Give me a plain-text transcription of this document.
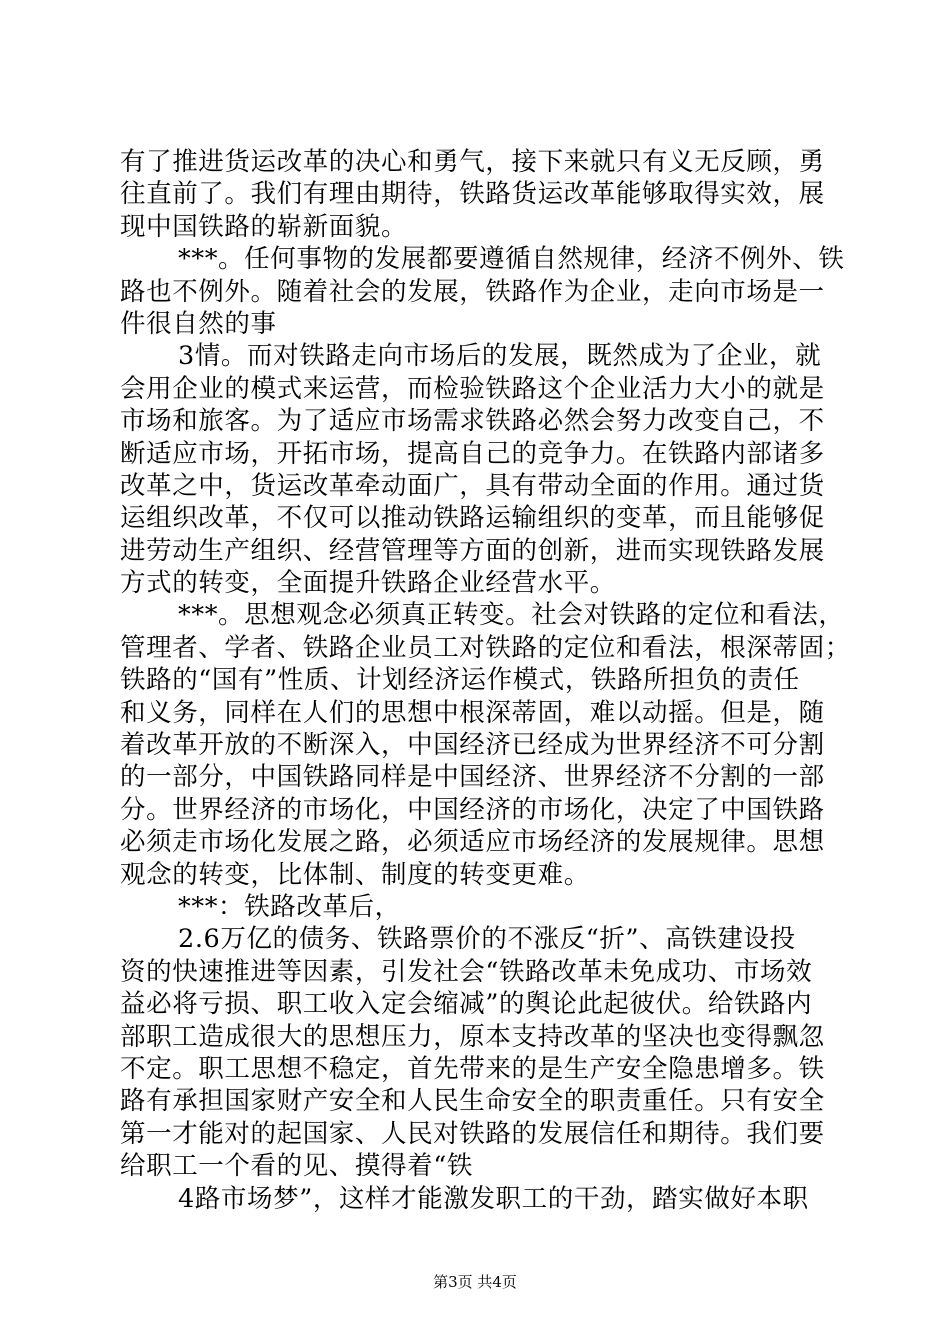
有了推进货运改革的决心和勇气，接下来就只有义无反顾，勇
往直前了。我们有理由期待，铁路货运改革能够取得实效，展
现中国铁路的崭新面貌。
***。任何事物的发展都要遵循自然规律，经济不例外、铁
路也不例外。随着社会的发展，铁路作为企业，走向市场是一
件很自然的事
3情。而对铁路走向市场后的发展，既然成为了企业，就
会用企业的模式来运营，而检验铁路这个企业活力大小的就是
市场和旅客。为了适应市场需求铁路必然会努力改变自己，不
断适应市场，开拓市场，提高自己的竞争力。在铁路内部诸多
改革之中，货运改革牵动面广，具有带动全面的作用。通过货
运组织改革，不仅可以推动铁路运输组织的变革，而且能够促
进劳动生产组织、经营管理等方面的创新，进而实现铁路发展
方式的转变，全面提升铁路企业经营水平。
***。思想观念必须真正转变。社会对铁路的定位和看法，
管理者、学者、铁路企业员工对铁路的定位和看法，根深蒂固；
铁路的“国有”性质、计划经济运作模式，铁路所担负的责任
和义务，同样在人们的思想中根深蒂固，难以动摇。但是，随
着改革开放的不断深入，中国经济已经成为世界经济不可分割
的一部分，中国铁路同样是中国经济、世界经济不分割的一部
分。世界经济的市场化，中国经济的市场化，决定了中国铁路
必须走市场化发展之路，必须适应市场经济的发展规律。思想
观念的转变，比体制、制度的转变更难。
***：铁路改革后，
2.6万亿的债务、铁路票价的不涨反“折”、高铁建设投
资的快速推进等因素，引发社会“铁路改革未免成功、市场效
益必将亏损、职工收入定会缩减”的舆论此起彼伏。给铁路内
部职工造成很大的思想压力，原本支持改革的坚决也变得飘忽
不定。职工思想不稳定，首先带来的是生产安全隐患增多。铁
路有承担国家财产安全和人民生命安全的职责重任。只有安全
第一才能对的起国家、人民对铁路的发展信任和期待。我们要
给职工一个看的见、摸得着“铁
4路市场梦”，这样才能激发职工的干劲，踏实做好本职
第3页 共4页
